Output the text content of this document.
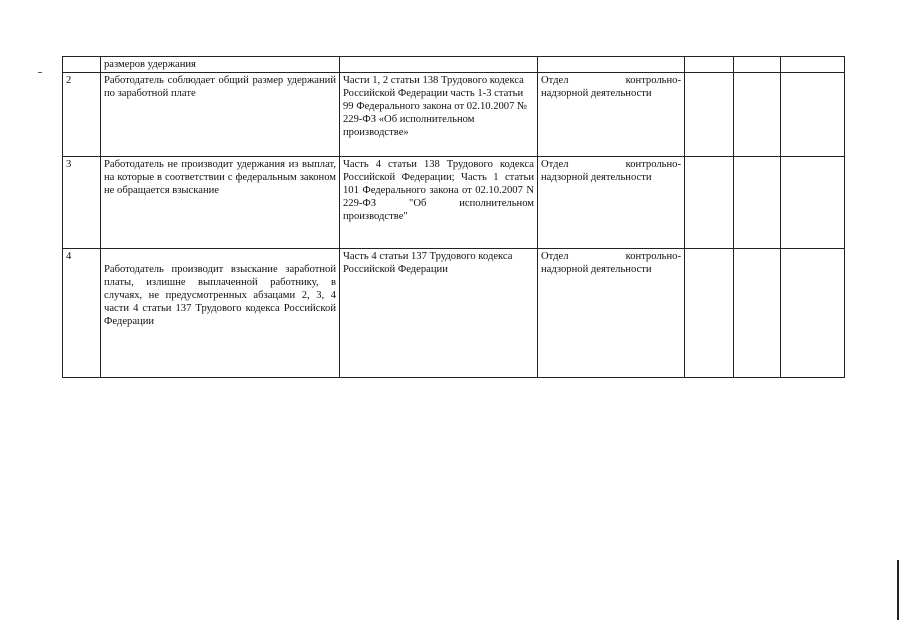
	размеров удержания					
2	Работодатель соблюдает общий размер удержаний по заработной плате	Части 1, 2 статьи 138 Трудового кодекса Российской Федерации часть 1-3 статьи 99 Федерального закона от 02.10.2007 № 229-ФЗ «Об исполнительном производстве»	Отдел контрольно-
надзорной деятельности			
3	Работодатель не производит удержания из выплат, на которые в соответствии с федеральным законом не обращается взыскание	Часть 4 статьи 138 Трудового кодекса Российской Федерации; Часть 1 статьи 101 Федерального закона от 02.10.2007 N 229-ФЗ "Об исполнительном производстве"	Отдел контрольно-
надзорной деятельности			
4	Работодатель производит взыскание заработной платы, излишне выплаченной работнику, в случаях, не предусмотренных абзацами 2, 3, 4 части 4 статьи 137 Трудового кодекса Российской Федерации	Часть 4 статьи 137 Трудового кодекса Российской Федерации	Отдел контрольно-
надзорной деятельности			
